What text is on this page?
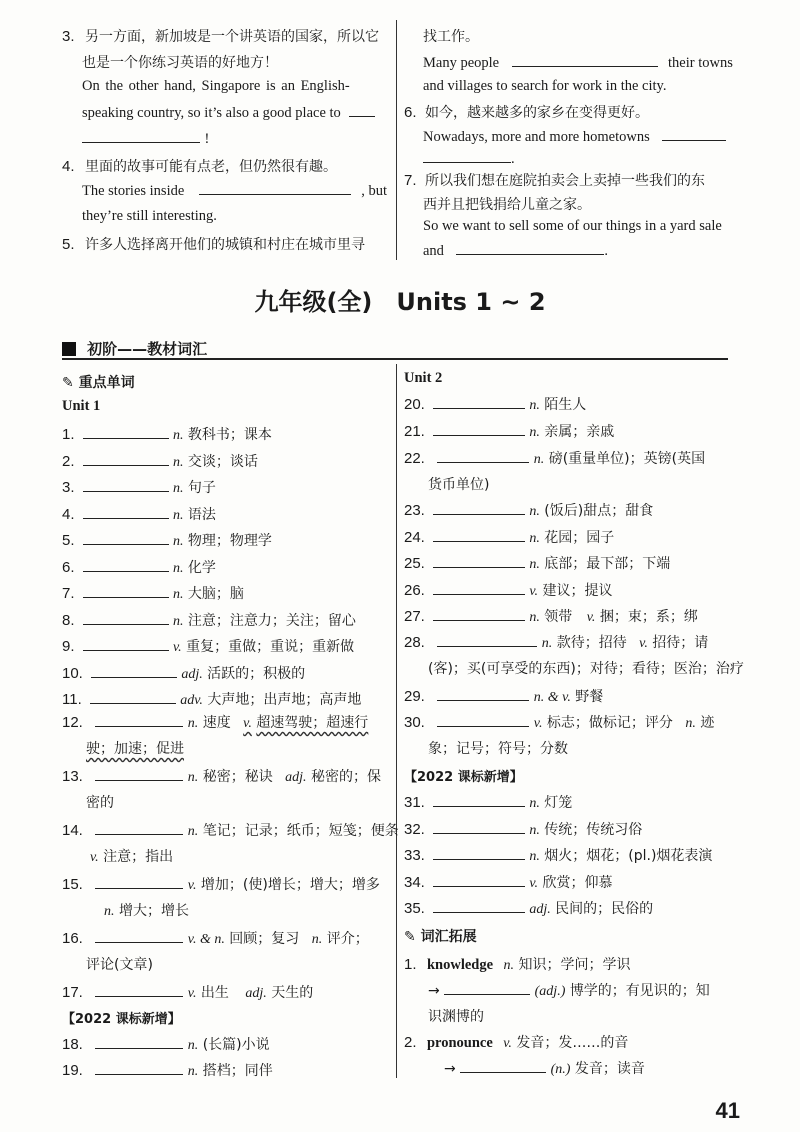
3. 另一方面，新加坡是一个讲英语的国家，所以它
也是一个你练习英语的好地方！
On the other hand, Singapore is an English-
speaking country, so it’s also a good place to
!
4. 里面的故事可能有点老，但仍然很有趣。
The stories inside	, but
they’re still interesting.
5. 许多人选择离开他们的城镇和村庄在城市里寻
找工作。
Many people	their towns
and villages to search for work in the city.
6. 如今，越来越多的家乡在变得更好。
Nowadays, more and more hometowns
.
7. 所以我们想在庭院拍卖会上卖掉一些我们的东
西并且把钱捐给儿童之家。
So we want to sell some of our things in a yard sale
and	.
九年级(全)　Units 1 ~ 2
初阶——教材词汇
✎ 重点单词
Unit 1
1.	n. 教科书；课本
2.	n. 交谈；谈话
3.	n. 句子
4.	n. 语法
5.	n. 物理；物理学
6.	n. 化学
7.	n. 大脑；脑
8.	n. 注意；注意力；关注；留心
9.	v. 重复；重做；重说；重新做
10.	adj. 活跃的；积极的
11.	adv. 大声地；出声地；高声地
12.	n. 速度 v. 超速驾驶；超速行
驶；加速；促进
13.	n. 秘密；秘诀 adj. 秘密的；保
密的
14.	n. 笔记；记录；纸币；短笺；便条
v. 注意；指出
15.	v. 增加；(使)增长；增大；增多
n. 增大；增长
16.	v. & n. 回顾；复习 n. 评介；
评论(文章)
17.	v. 出生 adj. 天生的
【2022 课标新增】
18.	n. (长篇)小说
19.	n. 搭档；同伴
Unit 2
20.	n. 陌生人
21.	n. 亲属；亲戚
22.	n. 磅(重量单位)；英镑(英国
货币单位)
23.	n. (饭后)甜点；甜食
24.	n. 花园；园子
25.	n. 底部；最下部；下端
26.	v. 建议；提议
27.	n. 领带 v. 捆；束；系；绑
28.	n. 款待；招待 v. 招待；请
(客)；买(可享受的东西)；对待；看待；医治；治疗
29.	n. & v. 野餐
30.	v. 标志；做标记；评分 n. 迹
象；记号；符号；分数
【2022 课标新增】
31.	n. 灯笼
32.	n. 传统；传统习俗
33.	n. 烟火；烟花；(pl.)烟花表演
34.	v. 欣赏；仰慕
35.	adj. 民间的；民俗的
✎ 词汇拓展
1. knowledge n. 知识；学问；学识
→	(adj.) 博学的；有见识的；知
识渊博的
2. pronounce v. 发音；发……的音
→	(n.) 发音；读音
41
